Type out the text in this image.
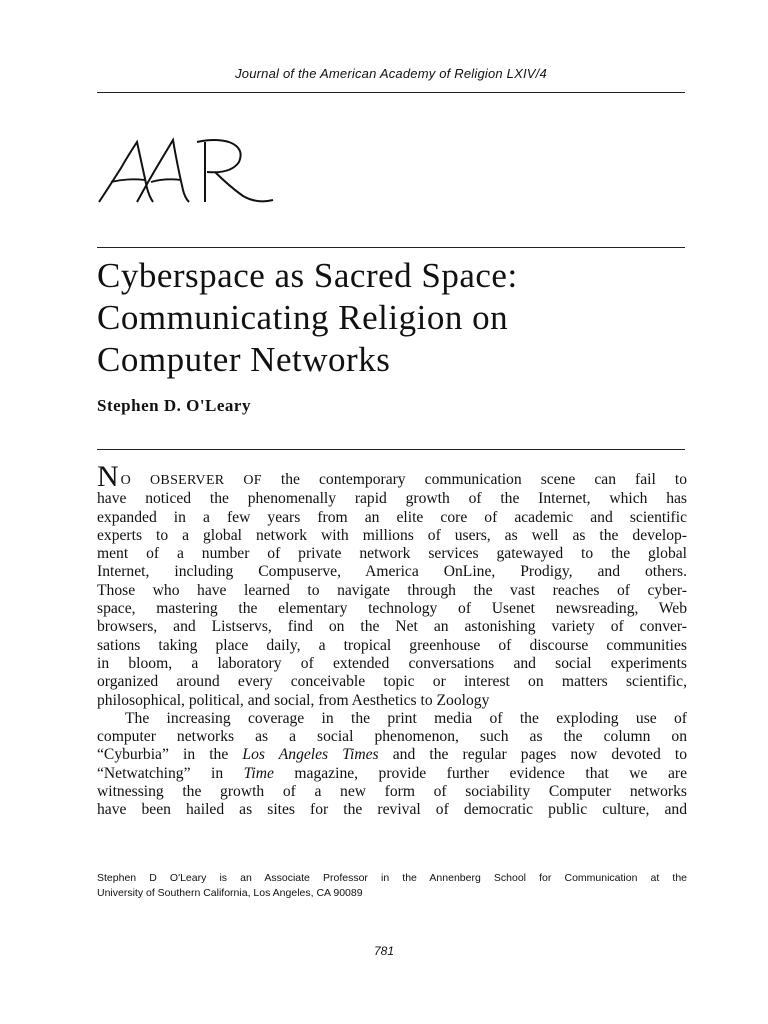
Journal of the American Academy of Religion LXIV/4
Cyberspace as Sacred Space:
Communicating Religion on
Computer Networks
Stephen D. O'Leary

N O OBSERVER OF the contemporary communication scene can fail to
have noticed the phenomenally rapid growth of the Internet, which has
expanded in a few years from an elite core of academic and scientific
experts to a global network with millions of users, as well as the develop-
ment of a number of private network services gatewayed to the global
Internet, including Compuserve, America OnLine, Prodigy, and others.
Those who have learned to navigate through the vast reaches of cyber-
space, mastering the elementary technology of Usenet newsreading, Web
browsers, and Listservs, find on the Net an astonishing variety of conver-
sations taking place daily, a tropical greenhouse of discourse communities
in bloom, a laboratory of extended conversations and social experiments
organized around every conceivable topic or interest on matters scientific,
philosophical, political, and social, from Aesthetics to Zoology

The increasing coverage in the print media of the exploding use of
computer networks as a social phenomenon, such as the column on
“Cyburbia” in the Los Angeles Times and the regular pages now devoted to
“Netwatching” in Time magazine, provide further evidence that we are
witnessing the growth of a new form of sociability Computer networks
have been hailed as sites for the revival of democratic public culture, and

Stephen D O'Leary is an Associate Professor in the Annenberg School for Communication at the
University of Southern California, Los Angeles, CA 90089
781
